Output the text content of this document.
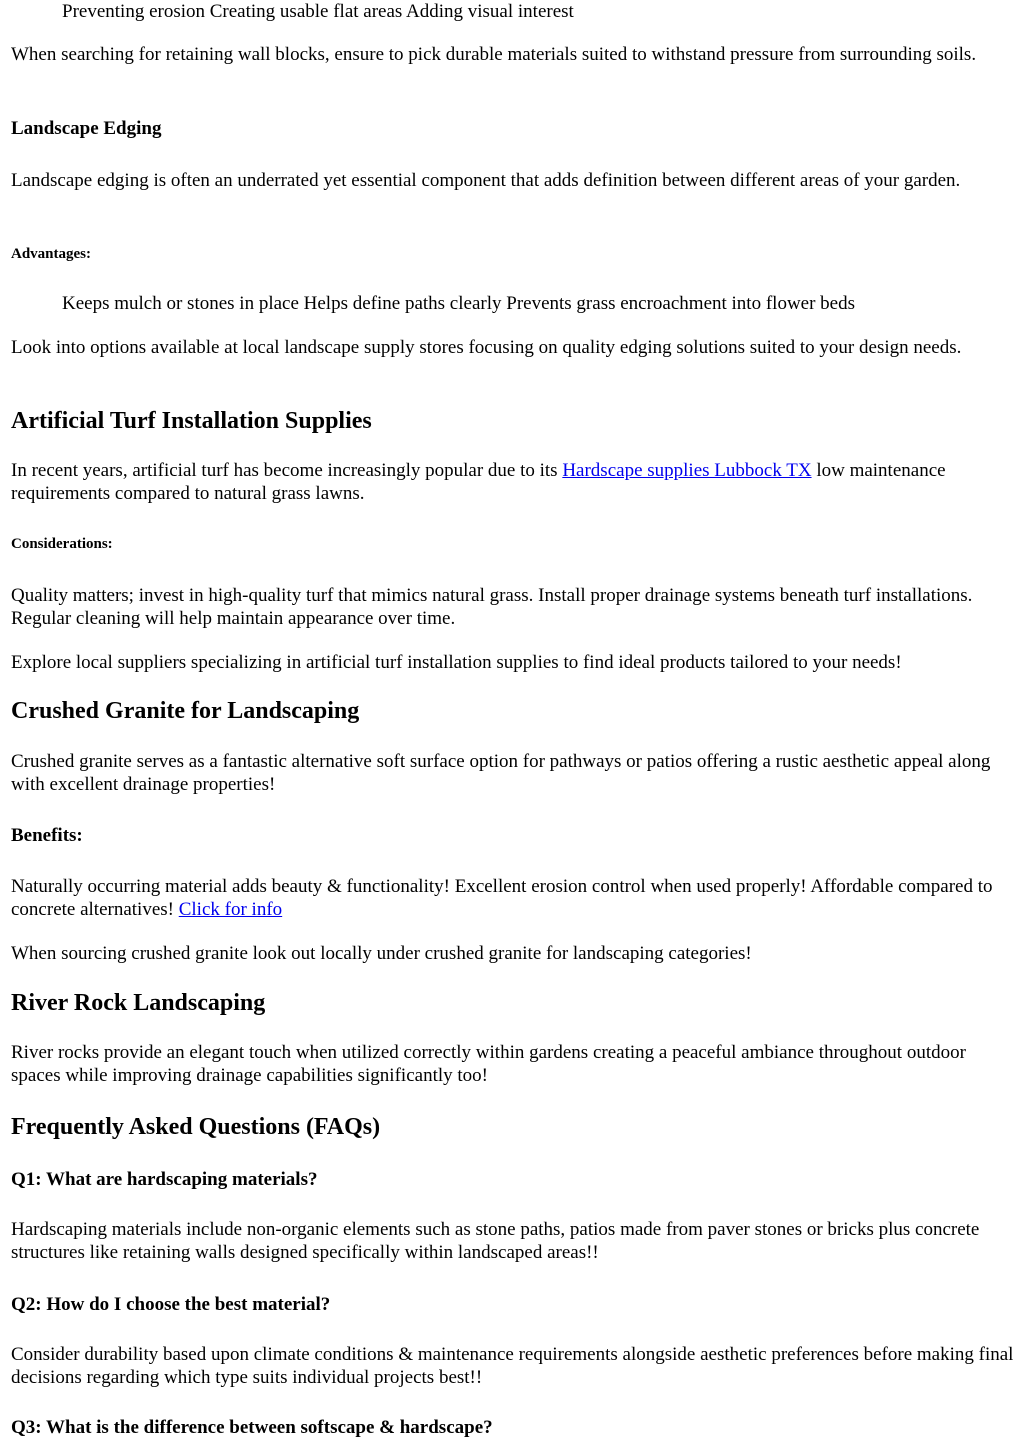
Preventing erosion Creating usable flat areas Adding visual interest

When searching for retaining wall blocks, ensure to pick durable materials suited to withstand pressure from surrounding soils.

Landscape Edging

Landscape edging is often an underrated yet essential component that adds definition between different areas of your garden.

Advantages:

Keeps mulch or stones in place Helps define paths clearly Prevents grass encroachment into flower beds

Look into options available at local landscape supply stores focusing on quality edging solutions suited to your design needs.

Artificial Turf Installation Supplies

In recent years, artificial turf has become increasingly popular due to its Hardscape supplies Lubbock TX low maintenance requirements compared to natural grass lawns.

Considerations:

Quality matters; invest in high-quality turf that mimics natural grass. Install proper drainage systems beneath turf installations. Regular cleaning will help maintain appearance over time.

Explore local suppliers specializing in artificial turf installation supplies to find ideal products tailored to your needs!

Crushed Granite for Landscaping

Crushed granite serves as a fantastic alternative soft surface option for pathways or patios offering a rustic aesthetic appeal along with excellent drainage properties!

Benefits:

Naturally occurring material adds beauty & functionality! Excellent erosion control when used properly! Affordable compared to concrete alternatives! Click for info

When sourcing crushed granite look out locally under crushed granite for landscaping categories!

River Rock Landscaping

River rocks provide an elegant touch when utilized correctly within gardens creating a peaceful ambiance throughout outdoor spaces while improving drainage capabilities significantly too!

Frequently Asked Questions (FAQs)
Q1: What are hardscaping materials?

Hardscaping materials include non-organic elements such as stone paths, patios made from paver stones or bricks plus concrete structures like retaining walls designed specifically within landscaped areas!!

Q2: How do I choose the best material?

Consider durability based upon climate conditions & maintenance requirements alongside aesthetic preferences before making final decisions regarding which type suits individual projects best!!

Q3: What is the difference between softscape & hardscape?
